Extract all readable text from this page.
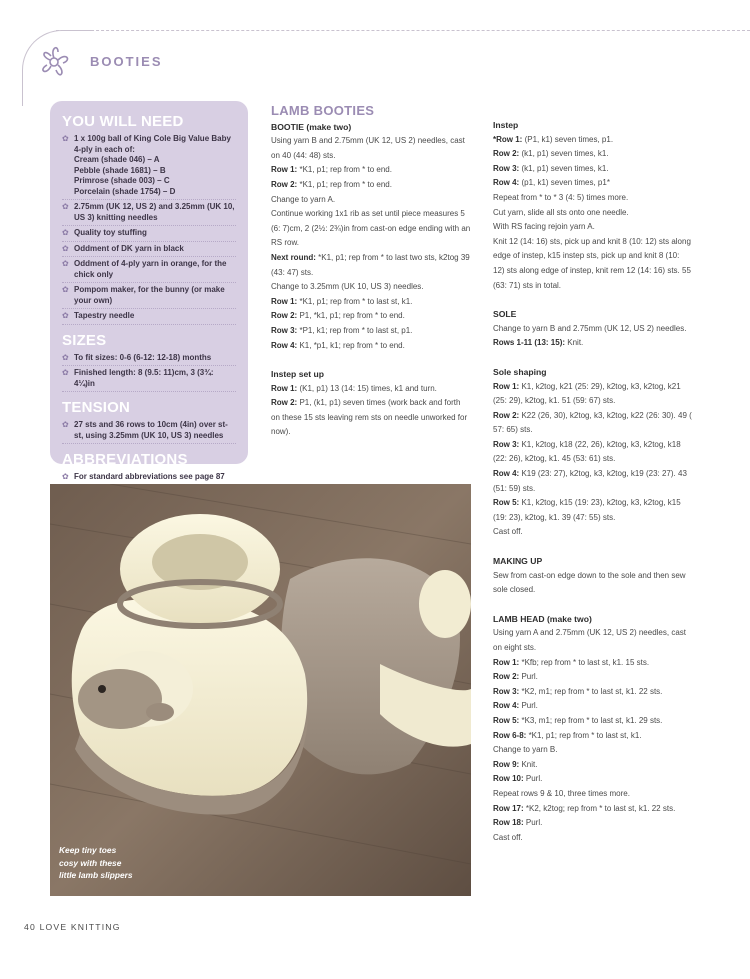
BOOTIES
YOU WILL NEED
✿ 1 x 100g ball of King Cole Big Value Baby 4-ply in each of:
Cream (shade 046) – A
Pebble (shade 1681) – B
Primrose (shade 003) – C
Porcelain (shade 1754) – D
✿ 2.75mm (UK 12, US 2) and 3.25mm (UK 10, US 3) knitting needles
✿ Quality toy stuffing
✿ Oddment of DK yarn in black
✿ Oddment of 4-ply yarn in orange, for the chick only
✿ Pompom maker, for the bunny (or make your own)
✿ Tapestry needle
SIZES
✿ To fit sizes: 0-6 (6-12: 12-18) months
✿ Finished length: 8 (9.5: 11)cm, 3 (3¾: 4¼)in
TENSION
✿ 27 sts and 36 rows to 10cm (4in) over st-st, using 3.25mm (UK 10, US 3) needles
ABBREVIATIONS
✿ For standard abbreviations see page 87
LAMB BOOTIES
BOOTIE (make two)

Using yarn B and 2.75mm (UK 12, US 2) needles, cast on 40 (44: 48) sts.

Row 1: *K1, p1; rep from * to end.

Row 2: *K1, p1; rep from * to end.

Change to yarn A.

Continue working 1x1 rib as set until piece measures 5 (6: 7)cm, 2 (2½: 2¾)in from cast-on edge ending with an RS row.

Next round: *K1, p1; rep from * to last two sts, k2tog 39 (43: 47) sts.

Change to 3.25mm (UK 10, US 3) needles.

Row 1: *K1, p1; rep from * to last st, k1.

Row 2: P1, *k1, p1; rep from * to end.

Row 3: *P1, k1; rep from * to last st, p1.

Row 4: K1, *p1, k1; rep from * to end.

Instep set up

Row 1: (K1, p1) 13 (14: 15) times, k1 and turn.

Row 2: P1, (k1, p1) seven times (work back and forth on these 15 sts leaving rem sts on needle unworked for now).

Instep

*Row 1: (P1, k1) seven times, p1.

Row 2: (k1, p1) seven times, k1.

Row 3: (k1, p1) seven times, k1.

Row 4: (p1, k1) seven times, p1*

Repeat from * to * 3 (4: 5) times more.

Cut yarn, slide all sts onto one needle.

With RS facing rejoin yarn A.

Knit 12 (14: 16) sts, pick up and knit 8 (10: 12) sts along edge of instep, k15 instep sts, pick up and knit 8 (10: 12) sts along edge of instep, knit rem 12 (14: 16) sts. 55 (63: 71) sts in total.

SOLE

Change to yarn B and 2.75mm (UK 12, US 2) needles.

Rows 1-11 (13: 15): Knit.

Sole shaping

Row 1: K1, k2tog, k21 (25: 29), k2tog, k3, k2tog, k21 (25: 29), k2tog, k1. 51 (59: 67) sts.

Row 2: K22 (26, 30), k2tog, k3, k2tog, k22 (26: 30). 49 ( 57: 65) sts.

Row 3: K1, k2tog, k18 (22, 26), k2tog, k3, k2tog, k18 (22: 26), k2tog, k1. 45 (53: 61) sts.

Row 4: K19 (23: 27), k2tog, k3, k2tog, k19 (23: 27). 43 (51: 59) sts.

Row 5: K1, k2tog, k15 (19: 23), k2tog, k3, k2tog, k15 (19: 23), k2tog, k1. 39 (47: 55) sts.

Cast off.

MAKING UP

Sew from cast-on edge down to the sole and then sew sole closed.

LAMB HEAD (make two)

Using yarn A and 2.75mm (UK 12, US 2) needles, cast on eight sts.

Row 1: *Kfb; rep from * to last st, k1. 15 sts.

Row 2: Purl.

Row 3: *K2, m1; rep from * to last st, k1. 22 sts.

Row 4: Purl.

Row 5: *K3, m1; rep from * to last st, k1. 29 sts.

Row 6-8: *K1, p1; rep from * to last st, k1.

Change to yarn B.

Row 9: Knit.

Row 10: Purl.

Repeat rows 9 & 10, three times more.

Row 17: *K2, k2tog; rep from * to last st, k1. 22 sts.

Row 18: Purl.

Cast off.

Keep tiny toes
cosy with these
little lamb slippers
40 LOVE KNITTING
